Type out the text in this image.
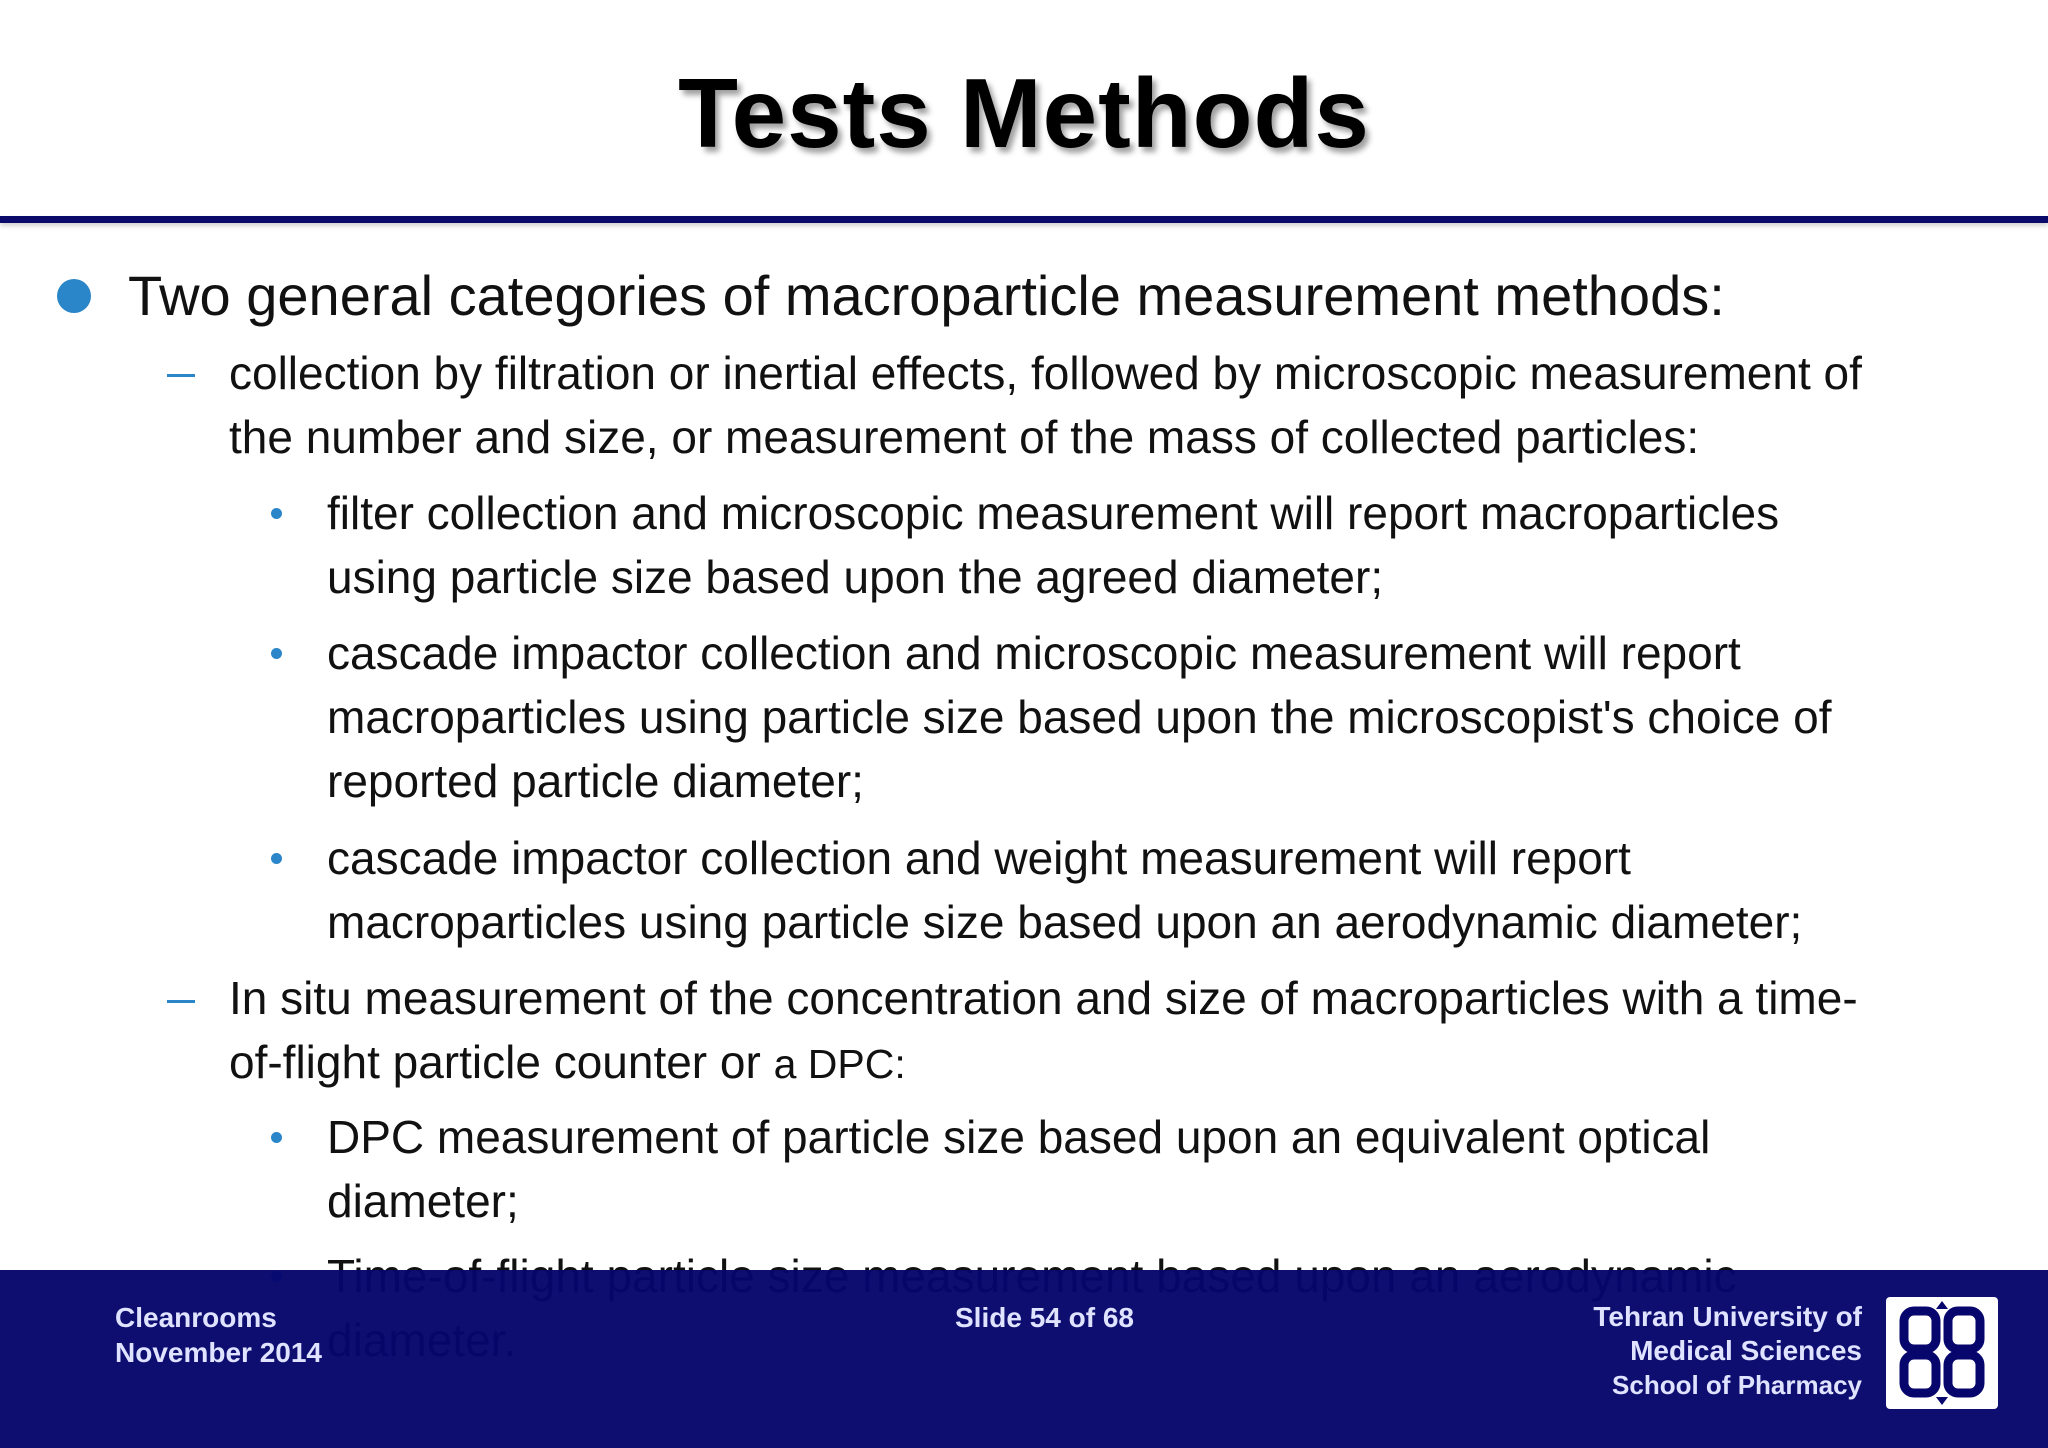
Tests Methods
Two general categories of macroparticle measurement methods:
collection by filtration or inertial effects, followed by microscopic measurement of
the number and size, or measurement of the mass of collected particles:
filter collection and microscopic measurement will report macroparticles
using particle size based upon the agreed diameter;
cascade impactor collection and microscopic measurement will report
macroparticles using particle size based upon the microscopist's choice of
reported particle diameter;
cascade impactor collection and weight measurement will report
macroparticles using particle size based upon an aerodynamic diameter;
In situ measurement of the concentration and size of macroparticles with a time-
of-flight particle counter or a DPC:
DPC measurement of particle size based upon an equivalent optical
diameter;
Cleanrooms
November 2014
Slide 54 of 68	Tehran University of
Medical Sciences
School of Pharmacy
